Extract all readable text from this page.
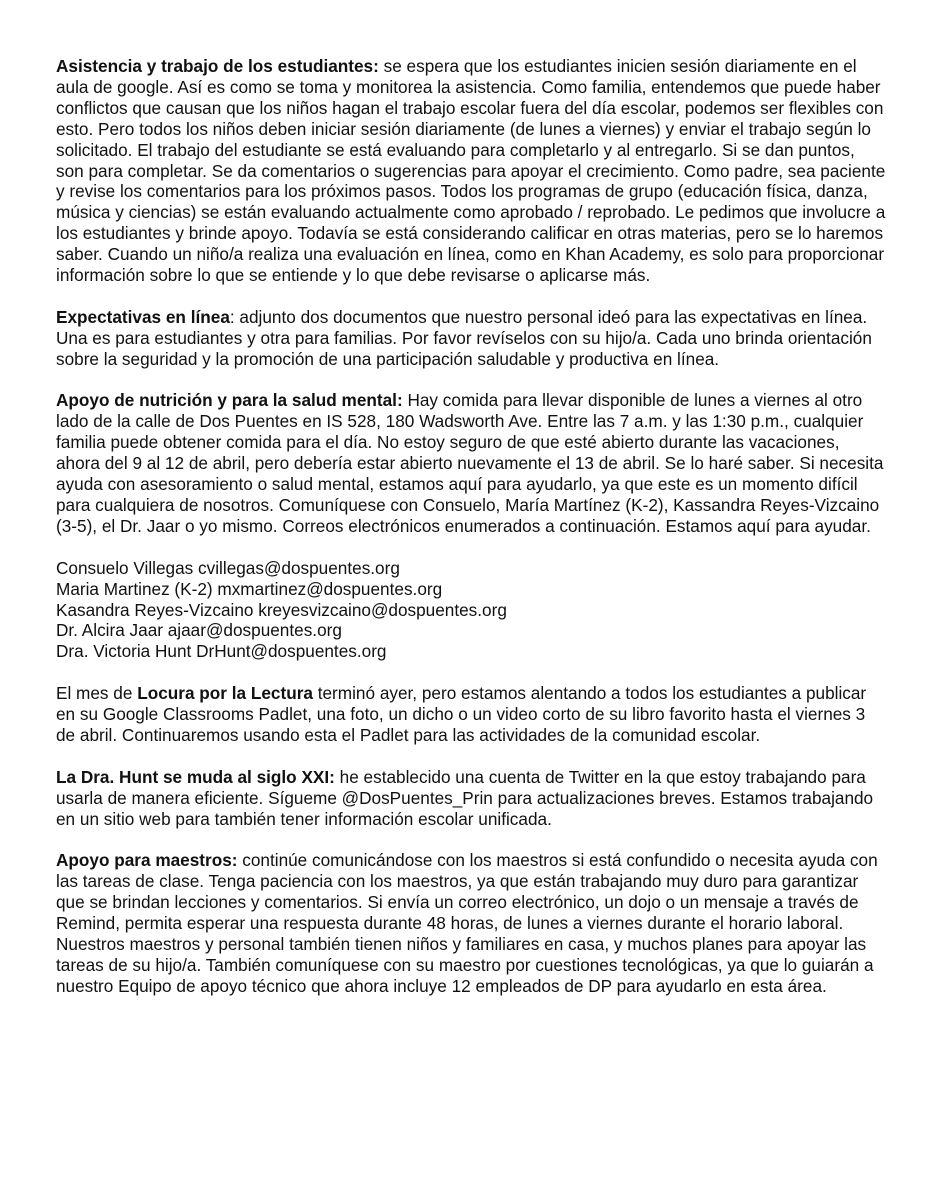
Asistencia y trabajo de los estudiantes: se espera que los estudiantes inicien sesión diariamente en el aula de google. Así es como se toma y monitorea la asistencia. Como familia, entendemos que puede haber conflictos que causan que los niños hagan el trabajo escolar fuera del día escolar, podemos ser flexibles con esto. Pero todos los niños deben iniciar sesión diariamente (de lunes a viernes) y enviar el trabajo según lo solicitado. El trabajo del estudiante se está evaluando para completarlo y al entregarlo. Si se dan puntos, son para completar. Se da comentarios o sugerencias para apoyar el crecimiento. Como padre, sea paciente y revise los comentarios para los próximos pasos. Todos los programas de grupo (educación física, danza, música y ciencias) se están evaluando actualmente como aprobado / reprobado. Le pedimos que involucre a los estudiantes y brinde apoyo. Todavía se está considerando calificar en otras materias, pero se lo haremos saber. Cuando un niño/a realiza una evaluación en línea, como en Khan Academy, es solo para proporcionar información sobre lo que se entiende y lo que debe revisarse o aplicarse más.

Expectativas en línea: adjunto dos documentos que nuestro personal ideó para las expectativas en línea. Una es para estudiantes y otra para familias. Por favor revíselos con su hijo/a. Cada uno brinda orientación sobre la seguridad y la promoción de una participación saludable y productiva en línea.

Apoyo de nutrición y para la salud mental: Hay comida para llevar disponible de lunes a viernes al otro lado de la calle de Dos Puentes en IS 528, 180 Wadsworth Ave. Entre las 7 a.m. y las 1:30 p.m., cualquier familia puede obtener comida para el día. No estoy seguro de que esté abierto durante las vacaciones, ahora del 9 al 12 de abril, pero debería estar abierto nuevamente el 13 de abril. Se lo haré saber. Si necesita ayuda con asesoramiento o salud mental, estamos aquí para ayudarlo, ya que este es un momento difícil para cualquiera de nosotros. Comuníquese con Consuelo, María Martínez (K-2), Kassandra Reyes-Vizcaino (3-5), el Dr. Jaar o yo mismo. Correos electrónicos enumerados a continuación. Estamos aquí para ayudar.

Consuelo Villegas cvillegas@dospuentes.org
Maria Martinez (K-2) mxmartinez@dospuentes.org
Kasandra Reyes-Vizcaino kreyesvizcaino@dospuentes.org
Dr. Alcira Jaar ajaar@dospuentes.org
Dra. Victoria Hunt DrHunt@dospuentes.org

El mes de Locura por la Lectura terminó ayer, pero estamos alentando a todos los estudiantes a publicar en su Google Classrooms Padlet, una foto, un dicho o un video corto de su libro favorito hasta el viernes 3 de abril. Continuaremos usando esta el Padlet para las actividades de la comunidad escolar.

La Dra. Hunt se muda al siglo XXI: he establecido una cuenta de Twitter en la que estoy trabajando para usarla de manera eficiente. Sígueme @DosPuentes_Prin para actualizaciones breves. Estamos trabajando en un sitio web para también tener información escolar unificada.

Apoyo para maestros: continúe comunicándose con los maestros si está confundido o necesita ayuda con las tareas de clase. Tenga paciencia con los maestros, ya que están trabajando muy duro para garantizar que se brindan lecciones y comentarios. Si envía un correo electrónico, un dojo o un mensaje a través de Remind, permita esperar una respuesta durante 48 horas, de lunes a viernes durante el horario laboral. Nuestros maestros y personal también tienen niños y familiares en casa, y muchos planes para apoyar las tareas de su hijo/a. También comuníquese con su maestro por cuestiones tecnológicas, ya que lo guiarán a nuestro Equipo de apoyo técnico que ahora incluye 12 empleados de DP para ayudarlo en esta área.
